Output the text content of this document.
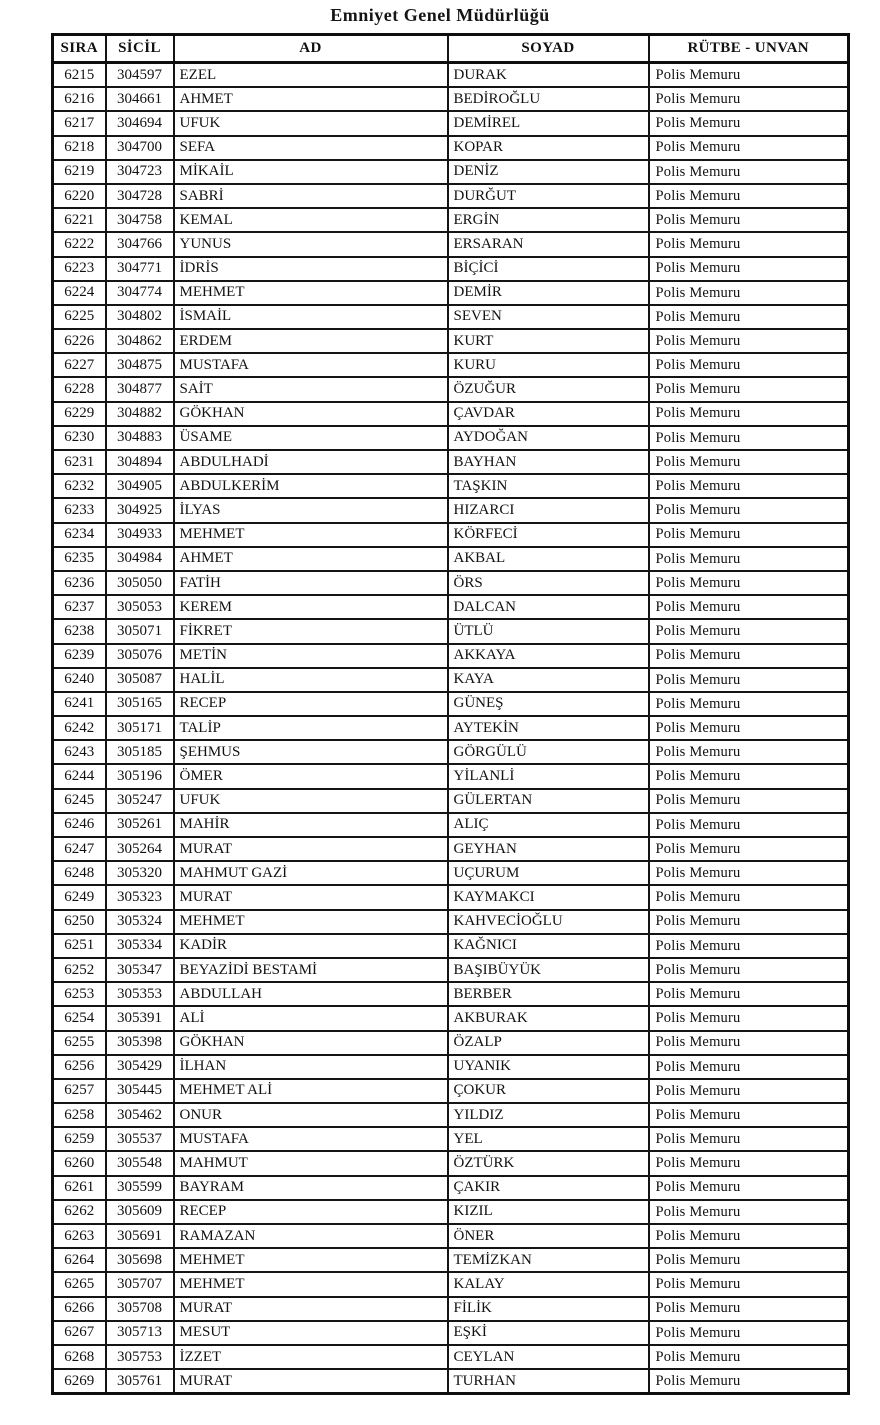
Emniyet Genel Müdürlüğü
SIRA	SİCİL	AD	SOYAD	RÜTBE - UNVAN
6215	304597	EZEL	DURAK	Polis Memuru
6216	304661	AHMET	BEDİROĞLU	Polis Memuru
6217	304694	UFUK	DEMİREL	Polis Memuru
6218	304700	SEFA	KOPAR	Polis Memuru
6219	304723	MİKAİL	DENİZ	Polis Memuru
6220	304728	SABRİ	DURĞUT	Polis Memuru
6221	304758	KEMAL	ERGİN	Polis Memuru
6222	304766	YUNUS	ERSARAN	Polis Memuru
6223	304771	İDRİS	BİÇİCİ	Polis Memuru
6224	304774	MEHMET	DEMİR	Polis Memuru
6225	304802	İSMAİL	SEVEN	Polis Memuru
6226	304862	ERDEM	KURT	Polis Memuru
6227	304875	MUSTAFA	KURU	Polis Memuru
6228	304877	SAİT	ÖZUĞUR	Polis Memuru
6229	304882	GÖKHAN	ÇAVDAR	Polis Memuru
6230	304883	ÜSAME	AYDOĞAN	Polis Memuru
6231	304894	ABDULHADİ	BAYHAN	Polis Memuru
6232	304905	ABDULKERİM	TAŞKIN	Polis Memuru
6233	304925	İLYAS	HIZARCI	Polis Memuru
6234	304933	MEHMET	KÖRFECİ	Polis Memuru
6235	304984	AHMET	AKBAL	Polis Memuru
6236	305050	FATİH	ÖRS	Polis Memuru
6237	305053	KEREM	DALCAN	Polis Memuru
6238	305071	FİKRET	ÜTLÜ	Polis Memuru
6239	305076	METİN	AKKAYA	Polis Memuru
6240	305087	HALİL	KAYA	Polis Memuru
6241	305165	RECEP	GÜNEŞ	Polis Memuru
6242	305171	TALİP	AYTEKİN	Polis Memuru
6243	305185	ŞEHMUS	GÖRGÜLÜ	Polis Memuru
6244	305196	ÖMER	YİLANLİ	Polis Memuru
6245	305247	UFUK	GÜLERTAN	Polis Memuru
6246	305261	MAHİR	ALIÇ	Polis Memuru
6247	305264	MURAT	GEYHAN	Polis Memuru
6248	305320	MAHMUT GAZİ	UÇURUM	Polis Memuru
6249	305323	MURAT	KAYMAKCI	Polis Memuru
6250	305324	MEHMET	KAHVECİOĞLU	Polis Memuru
6251	305334	KADİR	KAĞNICI	Polis Memuru
6252	305347	BEYAZİDİ BESTAMİ	BAŞIBÜYÜK	Polis Memuru
6253	305353	ABDULLAH	BERBER	Polis Memuru
6254	305391	ALİ	AKBURAK	Polis Memuru
6255	305398	GÖKHAN	ÖZALP	Polis Memuru
6256	305429	İLHAN	UYANIK	Polis Memuru
6257	305445	MEHMET ALİ	ÇOKUR	Polis Memuru
6258	305462	ONUR	YILDIZ	Polis Memuru
6259	305537	MUSTAFA	YEL	Polis Memuru
6260	305548	MAHMUT	ÖZTÜRK	Polis Memuru
6261	305599	BAYRAM	ÇAKIR	Polis Memuru
6262	305609	RECEP	KIZIL	Polis Memuru
6263	305691	RAMAZAN	ÖNER	Polis Memuru
6264	305698	MEHMET	TEMİZKAN	Polis Memuru
6265	305707	MEHMET	KALAY	Polis Memuru
6266	305708	MURAT	FİLİK	Polis Memuru
6267	305713	MESUT	EŞKİ	Polis Memuru
6268	305753	İZZET	CEYLAN	Polis Memuru
6269	305761	MURAT	TURHAN	Polis Memuru
